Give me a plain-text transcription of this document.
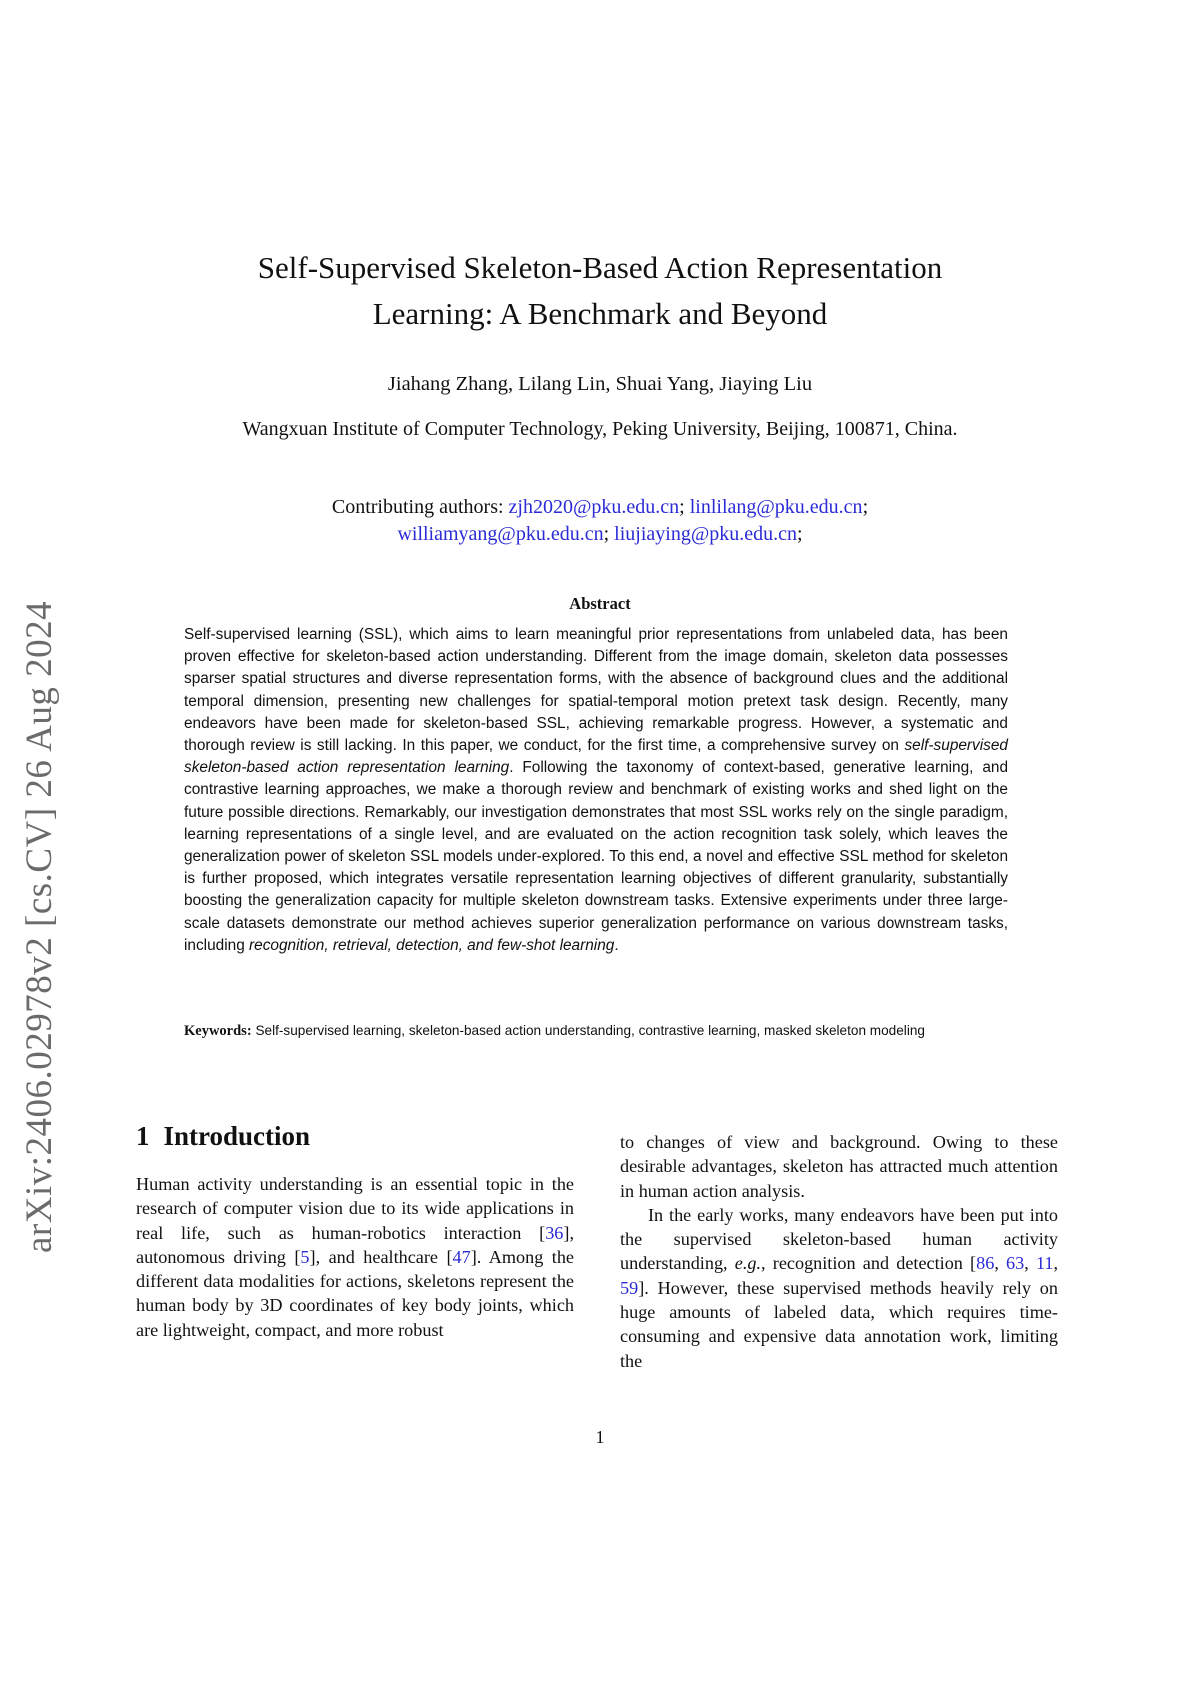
arXiv:2406.02978v2 [cs.CV] 26 Aug 2024
Self-Supervised Skeleton-Based Action Representation
Learning: A Benchmark and Beyond
Jiahang Zhang, Lilang Lin, Shuai Yang, Jiaying Liu
Wangxuan Institute of Computer Technology, Peking University, Beijing, 100871, China.
Contributing authors: zjh2020@pku.edu.cn; linlilang@pku.edu.cn;
williamyang@pku.edu.cn; liujiaying@pku.edu.cn;
Abstract
Self-supervised learning (SSL), which aims to learn meaningful prior representations from unlabeled data, has been proven effective for skeleton-based action understanding. Different from the image domain, skeleton data possesses sparser spatial structures and diverse representation forms, with the absence of background clues and the additional temporal dimension, presenting new challenges for spatial-temporal motion pretext task design. Recently, many endeavors have been made for skeleton-based SSL, achieving remarkable progress. However, a systematic and thorough review is still lacking. In this paper, we conduct, for the first time, a comprehensive survey on self-supervised skeleton-based action representation learning. Following the taxonomy of context-based, generative learning, and contrastive learning approaches, we make a thorough review and benchmark of existing works and shed light on the future possible directions. Remarkably, our investigation demonstrates that most SSL works rely on the single paradigm, learning representations of a single level, and are evaluated on the action recognition task solely, which leaves the generalization power of skeleton SSL models under-explored. To this end, a novel and effective SSL method for skeleton is further proposed, which integrates versatile representation learning objectives of different granularity, substantially boosting the generalization capacity for multiple skeleton downstream tasks. Extensive experiments under three large-scale datasets demonstrate our method achieves superior generalization performance on various downstream tasks, including recognition, retrieval, detection, and few-shot learning.
Keywords: Self-supervised learning, skeleton-based action understanding, contrastive learning, masked skeleton modeling
1 Introduction

Human activity understanding is an essential topic in the research of computer vision due to its wide applications in real life, such as human-robotics interaction [36], autonomous driving [5], and healthcare [47]. Among the different data modalities for actions, skeletons represent the human body by 3D coordinates of key body joints, which are lightweight, compact, and more robust

to changes of view and background. Owing to these desirable advantages, skeleton has attracted much attention in human action analysis.

In the early works, many endeavors have been put into the supervised skeleton-based human activity understanding, e.g., recognition and detection [86, 63, 11, 59]. However, these supervised methods heavily rely on huge amounts of labeled data, which requires time-consuming and expensive data annotation work, limiting the

1
